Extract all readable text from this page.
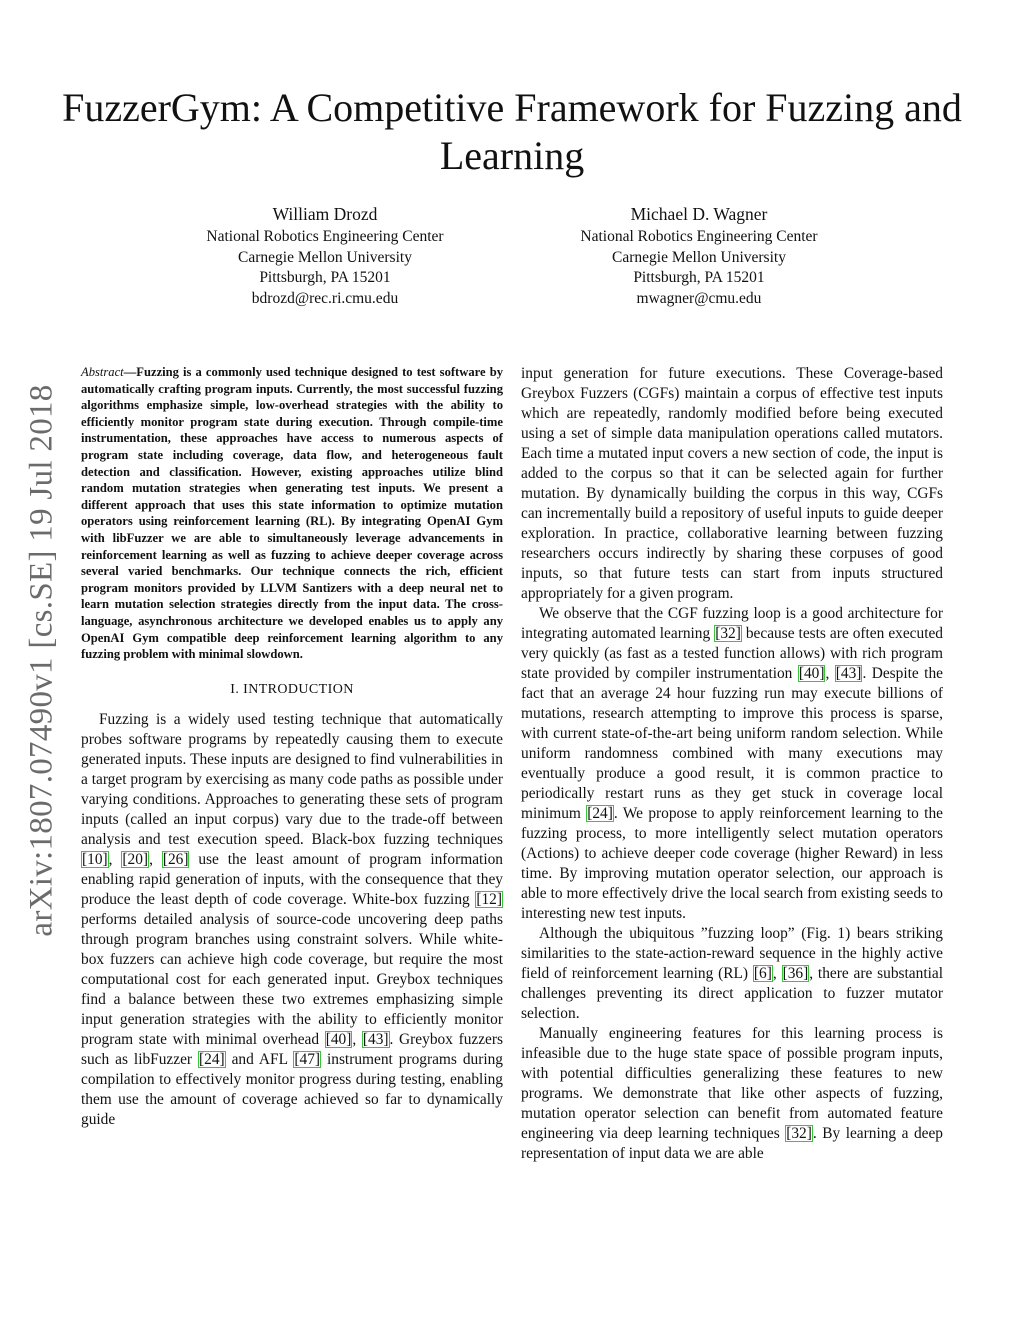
arXiv:1807.07490v1 [cs.SE] 19 Jul 2018
FuzzerGym: A Competitive Framework for Fuzzing and Learning
William Drozd
National Robotics Engineering Center
Carnegie Mellon University
Pittsburgh, PA 15201
bdrozd@rec.ri.cmu.edu
Michael D. Wagner
National Robotics Engineering Center
Carnegie Mellon University
Pittsburgh, PA 15201
mwagner@cmu.edu

Abstract—Fuzzing is a commonly used technique designed to test software by automatically crafting program inputs. Currently, the most successful fuzzing algorithms emphasize simple, low-overhead strategies with the ability to efficiently monitor program state during execution. Through compile-time instrumentation, these approaches have access to numerous aspects of program state including coverage, data flow, and heterogeneous fault detection and classification. However, existing approaches utilize blind random mutation strategies when generating test inputs. We present a different approach that uses this state information to optimize mutation operators using reinforcement learning (RL). By integrating OpenAI Gym with libFuzzer we are able to simultaneously leverage advancements in reinforcement learning as well as fuzzing to achieve deeper coverage across several varied benchmarks. Our technique connects the rich, efficient program monitors provided by LLVM Santizers with a deep neural net to learn mutation selection strategies directly from the input data. The cross-language, asynchronous architecture we developed enables us to apply any OpenAI Gym compatible deep reinforcement learning algorithm to any fuzzing problem with minimal slowdown.

I. INTRODUCTION

Fuzzing is a widely used testing technique that automatically probes software programs by repeatedly causing them to execute generated inputs. These inputs are designed to find vulnerabilities in a target program by exercising as many code paths as possible under varying conditions. Approaches to generating these sets of program inputs (called an input corpus) vary due to the trade-off between analysis and test execution speed. Black-box fuzzing techniques [10], [20], [26] use the least amount of program information enabling rapid generation of inputs, with the consequence that they produce the least depth of code coverage. White-box fuzzing [12] performs detailed analysis of source-code uncovering deep paths through program branches using constraint solvers. While white-box fuzzers can achieve high code coverage, but require the most computational cost for each generated input. Greybox techniques find a balance between these two extremes emphasizing simple input generation strategies with the ability to efficiently monitor program state with minimal overhead [40], [43]. Greybox fuzzers such as libFuzzer [24] and AFL [47] instrument programs during compilation to effectively monitor progress during testing, enabling them use the amount of coverage achieved so far to dynamically guide

input generation for future executions. These Coverage-based Greybox Fuzzers (CGFs) maintain a corpus of effective test inputs which are repeatedly, randomly modified before being executed using a set of simple data manipulation operations called mutators. Each time a mutated input covers a new section of code, the input is added to the corpus so that it can be selected again for further mutation. By dynamically building the corpus in this way, CGFs can incrementally build a repository of useful inputs to guide deeper exploration. In practice, collaborative learning between fuzzing researchers occurs indirectly by sharing these corpuses of good inputs, so that future tests can start from inputs structured appropriately for a given program.

We observe that the CGF fuzzing loop is a good architecture for integrating automated learning [32] because tests are often executed very quickly (as fast as a tested function allows) with rich program state provided by compiler instrumentation [40], [43]. Despite the fact that an average 24 hour fuzzing run may execute billions of mutations, research attempting to improve this process is sparse, with current state-of-the-art being uniform random selection. While uniform randomness combined with many executions may eventually produce a good result, it is common practice to periodically restart runs as they get stuck in coverage local minimum [24]. We propose to apply reinforcement learning to the fuzzing process, to more intelligently select mutation operators (Actions) to achieve deeper code coverage (higher Reward) in less time. By improving mutation operator selection, our approach is able to more effectively drive the local search from existing seeds to interesting new test inputs.

Although the ubiquitous ”fuzzing loop” (Fig. 1) bears striking similarities to the state-action-reward sequence in the highly active field of reinforcement learning (RL) [6], [36], there are substantial challenges preventing its direct application to fuzzer mutator selection.

Manually engineering features for this learning process is infeasible due to the huge state space of possible program inputs, with potential difficulties generalizing these features to new programs. We demonstrate that like other aspects of fuzzing, mutation operator selection can benefit from automated feature engineering via deep learning techniques [32]. By learning a deep representation of input data we are able
